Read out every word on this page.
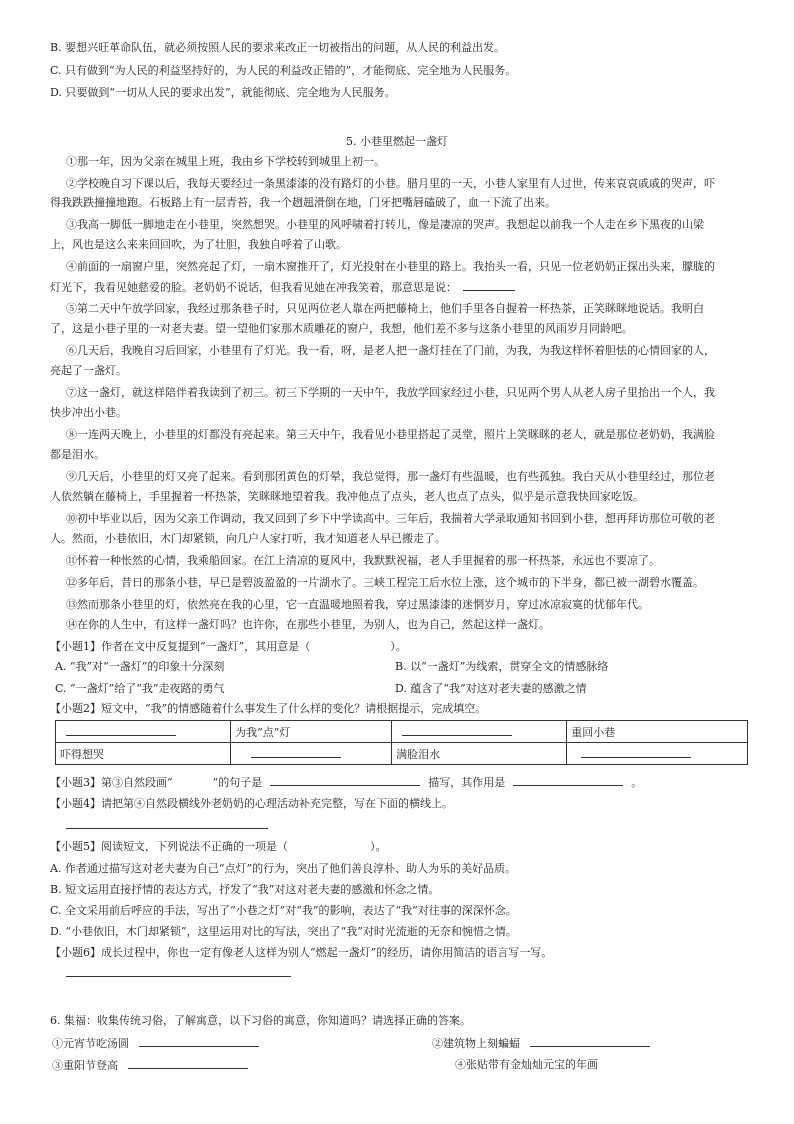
B. 要想兴旺革命队伍，就必须按照人民的要求来改正一切被指出的问题，从人民的利益出发。
C. 只有做到“为人民的利益坚持好的，为人民的利益改正错的”，才能彻底、完全地为人民服务。
D. 只要做到“一切从人民的要求出发”，就能彻底、完全地为人民服务。
5. 小巷里燃起一盏灯
①那一年，因为父亲在城里上班，我由乡下学校转到城里上初一。
②学校晚自习下课以后，我每天要经过一条黑漆漆的没有路灯的小巷。腊月里的一天，小巷人家里有人过世，传来哀哀戚戚的哭声，吓
得我跌跌撞撞地跑。石板路上有一层青苔，我一个趔趄滑倒在地，门牙把嘴唇磕破了，血一下流了出来。
③我高一脚低一脚地走在小巷里，突然想哭。小巷里的风呼啸着打转儿，像是凄凉的哭声。我想起以前我一个人走在乡下黑夜的山梁
上，风也是这么来来回回吹，为了壮胆，我独自呼着了山歌。
④前面的一扇窗户里，突然亮起了灯，一扇木窗推开了，灯光投射在小巷里的路上。我抬头一看，只见一位老奶奶正探出头来，朦胧的
灯光下，我看见她慈爱的脸。老奶奶不说话，但我看见她在冲我笑着，那意思是说：
⑤第二天中午放学回家，我经过那条巷子时，只见两位老人靠在两把藤椅上，他们手里各自握着一杯热茶，正笑眯眯地说话。我明白
了，这是小巷子里的一对老夫妻。望一望他们家那木质雕花的窗户，我想，他们差不多与这条小巷里的风雨岁月同龄吧。
⑥几天后，我晚自习后回家，小巷里有了灯光。我一看，呀，是老人把一盏灯挂在了门前，为我，为我这样怀着胆怯的心情回家的人，
亮起了一盏灯。
⑦这一盏灯，就这样陪伴着我读到了初三。初三下学期的一天中午，我放学回家经过小巷，只见两个男人从老人房子里抬出一个人，我
快步冲出小巷。
⑧一连两天晚上，小巷里的灯都没有亮起来。第三天中午，我看见小巷里搭起了灵堂，照片上笑眯眯的老人，就是那位老奶奶，我满脸
都是泪水。
⑨几天后，小巷里的灯又亮了起来。看到那团黄色的灯晕，我总觉得，那一盏灯有些温暖，也有些孤独。我白天从小巷里经过，那位老
人依然躺在藤椅上，手里握着一杯热茶，笑眯眯地望着我。我冲他点了点头，老人也点了点头，似乎是示意我快回家吃饭。
⑩初中毕业以后，因为父亲工作调动，我又回到了乡下中学读高中。三年后，我揣着大学录取通知书回到小巷，想再拜访那位可敬的老
人。然而，小巷依旧，木门却紧锁，向几户人家打听，我才知道老人早已搬走了。
⑪怀着一种怅然的心情，我乘船回家。在江上清凉的夏风中，我默默祝福，老人手里握着的那一杯热茶，永远也不要凉了。
⑫多年后，昔日的那条小巷，早已是碧波盈盈的一片湖水了。三峡工程完工后水位上涨，这个城市的下半身，都已被一湖碧水覆盖。
⑬然而那条小巷里的灯，依然亮在我的心里，它一直温暖地照着我，穿过黑漆漆的迷惘岁月，穿过冰凉寂寞的忧郁年代。
⑭在你的人生中，有这样一盏灯吗？也许你，在那些小巷里，为别人，也为自己，然起这样一盏灯。
【小题1】作者在文中反复提到“一盏灯”，其用意是（	）。
A. “我”对“一盏灯”的印象十分深刻	B. 以“一盏灯”为线索，贯穿全文的情感脉络
C. “一盏灯”给了“我”走夜路的勇气	D. 蕴含了“我”对这对老夫妻的感激之情
【小题2】短文中，“我”的情感随着什么事发生了什么样的变化？请根据提示，完成填空。
	为我“点”灯		重回小巷
吓得想哭		满脸泪水	
【小题3】第③自然段画“	”的句子是	描写，其作用是	。
【小题4】请把第④自然段横线外老奶奶的心理活动补充完整，写在下面的横线上。
【小题5】阅读短文，下列说法不正确的一项是（	）。
A. 作者通过描写这对老夫妻为自己“点灯”的行为，突出了他们善良淳朴、助人为乐的美好品质。
B. 短文运用直接抒情的表达方式，抒发了“我”对这对老夫妻的感激和怀念之情。
C. 全文采用前后呼应的手法，写出了“小巷之灯”对“我”的影响，表达了“我”对往事的深深怀念。
D. “小巷依旧，木门却紧锁”，这里运用对比的写法，突出了“我”对时光流逝的无奈和惋惜之情。
【小题6】成长过程中，你也一定有像老人这样为别人“燃起一盏灯”的经历，请你用简洁的语言写一写。
6. 集福：收集传统习俗，了解寓意，以下习俗的寓意，你知道吗？请选择正确的答案。
①元宵节吃汤圆	②建筑物上刻蝙蝠
③重阳节登高	④张贴带有金灿灿元宝的年画
